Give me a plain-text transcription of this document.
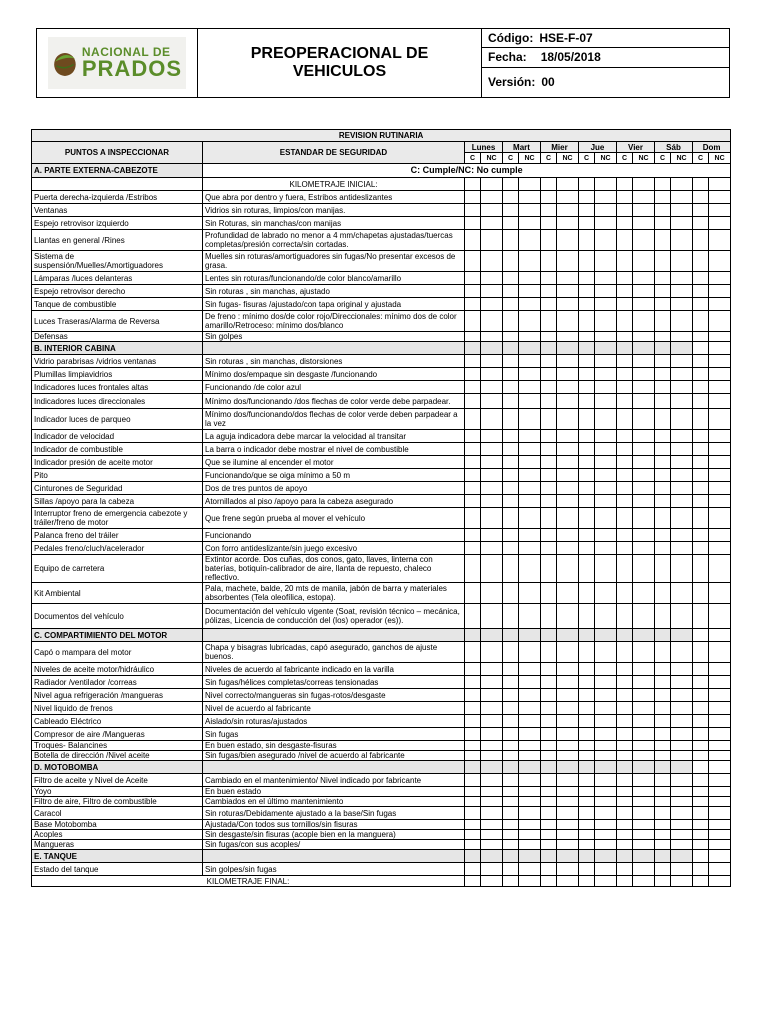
NACIONAL DE
PRADOS
PREOPERACIONAL DE VEHICULOS
Código: HSE-F-07
Fecha: 18/05/2018
Versión: 00
REVISION RUTINARIA															
PUNTOS A INSPECCIONAR	ESTANDAR DE SEGURIDAD	Lunes		Mart		Mier		Jue		Vier		Sáb		Dom	
		C	NC	C	NC	C	NC	C	NC	C	NC	C	NC	C	NC
A. PARTE EXTERNA-CABEZOTE	C: Cumple/NC: No cumple														
	KILOMETRAJE INICIAL:														
Puerta derecha-izquierda /Estribos	Que abra por dentro y fuera, Estribos antideslizantes														
Ventanas	Vidrios sin roturas, limpios/con manijas.														
Espejo retrovisor izquierdo	Sin Roturas, sin manchas/con manijas														
Llantas en general /Rines	Profundidad de labrado no menor a 4 mm/chapetas ajustadas/tuercas completas/presión correcta/sin cortadas.														
Sistema de suspensión/Muelles/Amortiguadores	Muelles sin roturas/amortiguadores sin fugas/No presentar excesos de grasa.														
Lámparas /luces delanteras	Lentes sin roturas/funcionando/de color blanco/amarillo														
Espejo retrovisor derecho	Sin roturas , sin manchas, ajustado														
Tanque de combustible	Sin fugas- fisuras /ajustado/con tapa original y ajustada														
Luces Traseras/Alarma de Reversa	De freno : mínimo dos/de color rojo/Direccionales: mínimo dos de color amarillo/Retroceso: mínimo dos/blanco														
Defensas	Sin golpes														
B. INTERIOR CABINA															
Vidrio parabrisas /vidrios ventanas	Sin roturas , sin manchas, distorsiones														
Plumillas limpiavidrios	Mínimo dos/empaque sin desgaste /funcionando														
Indicadores luces frontales altas	Funcionando /de color azul														
Indicadores luces direccionales	Mínimo dos/funcionando /dos flechas de color verde debe parpadear.														
Indicador luces de parqueo	Mínimo dos/funcionando/dos flechas de color verde deben parpadear a la vez														
Indicador de velocidad	La aguja indicadora debe marcar la velocidad al transitar														
Indicador de combustible	La barra o indicador debe mostrar el nivel de combustible														
Indicador presión de aceite motor	Que se ilumine al encender el motor														
Pito	Funcionando/que se oiga mínimo a 50 m														
Cinturones de Seguridad	Dos de tres puntos de apoyo														
Sillas /apoyo para la cabeza	Atornillados al piso /apoyo para la cabeza asegurado														
Interruptor freno de emergencia cabezote y tráiler/freno de motor	Que frene según prueba al mover el vehículo														
Palanca freno del tráiler	Funcionando														
Pedales freno/cluch/acelerador	Con forro antideslizante/sin juego excesivo														
Equipo de carretera	Extintor acorde. Dos cuñas, dos conos, gato, llaves, linterna con baterías, botiquín-calibrador de aire, llanta de repuesto, chaleco reflectivo.														
Kit Ambiental	Pala, machete, balde, 20 mts de manila, jabón de barra y materiales absorbentes (Tela oleofílica, estopa).														
Documentos del vehículo	Documentación del vehículo vigente (Soat, revisión técnico – mecánica, pólizas, Licencia de conducción del (los) operador (es)).														
C. COMPARTIMIENTO DEL MOTOR															
Capó o mampara del motor	Chapa y bisagras lubricadas, capó asegurado, ganchos de ajuste buenos.														
Niveles de aceite motor/hidráulico	Niveles de acuerdo al fabricante indicado en la varilla														
Radiador /ventilador /correas	Sin fugas/hélices completas/correas tensionadas														
Nivel agua refrigeración /mangueras	Nivel correcto/mangueras sin fugas-rotos/desgaste														
Nivel liquido de frenos	Nivel de acuerdo al fabricante														
Cableado Eléctrico	Aislado/sin roturas/ajustados														
Compresor de aire /Mangueras	Sin fugas														
Troques- Balancines	En buen estado, sin desgaste-fisuras														
Botella de dirección /Nivel aceite	Sin fugas/bien asegurado /nivel de acuerdo al fabricante														
D. MOTOBOMBA															
Filtro de aceite y Nivel de Aceite	Cambiado en el mantenimiento/ Nivel indicado por fabricante														
Yoyo	En buen estado														
Filtro de aire, Filtro de combustible	Cambiados en el último mantenimiento														
Caracol	Sin roturas/Debidamente ajustado a la base/Sin fugas														
Base Motobomba	Ajustada/Con todos sus tornillos/sin fisuras														
Acoples	Sin desgaste/sin fisuras (acople bien en la manguera)														
Mangueras	Sin fugas/con sus acoples/														
E. TANQUE															
Estado del tanque	Sin golpes/sin fugas														
KILOMETRAJE FINAL:															
